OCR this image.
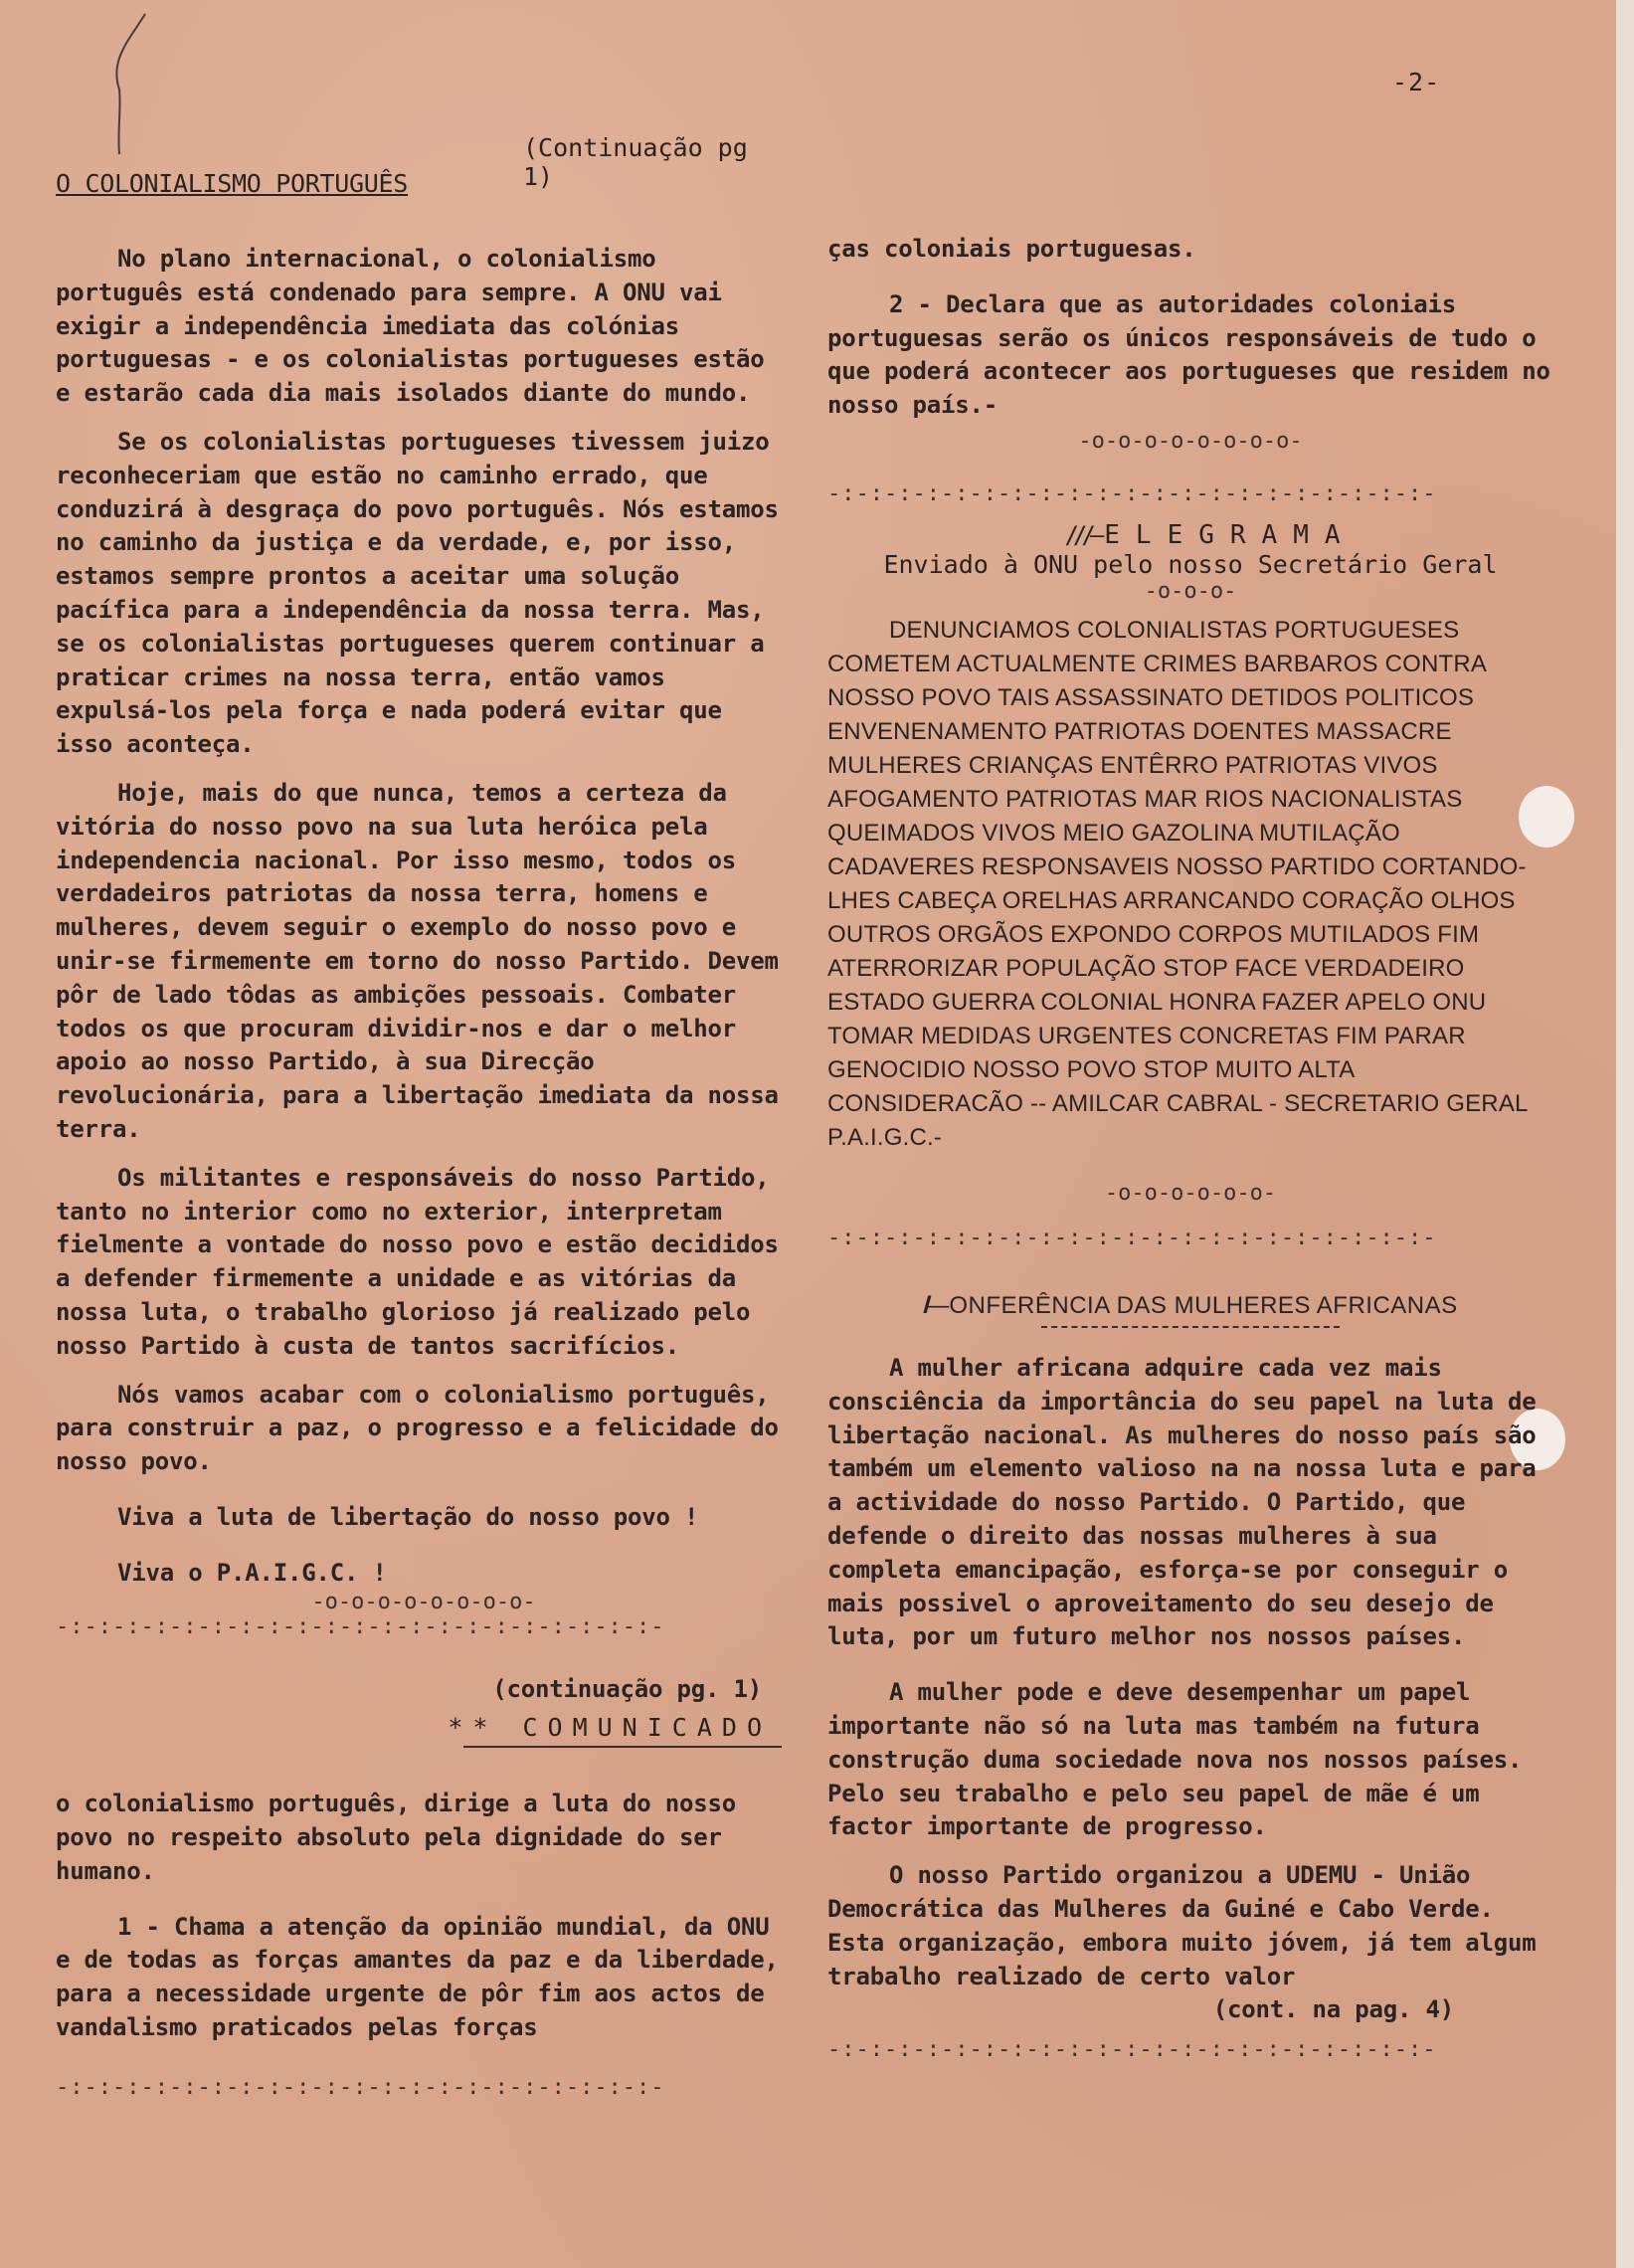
-2-
(Continuação pg 1)
O COLONIALISMO PORTUGUÊS

No plano internacional, o colonialismo português está condenado para sempre. A ONU vai exigir a independência imediata das colónias portuguesas - e os colonialistas portugueses estão e estarão cada dia mais isolados diante do mundo.

Se os colonialistas portugueses tivessem juizo reconheceriam que estão no caminho errado, que conduzirá à desgraça do povo português. Nós estamos no caminho da justiça e da verdade, e, por isso, estamos sempre prontos a aceitar uma solução pacífica para a independência da nossa terra. Mas, se os colonialistas portugueses querem continuar a praticar crimes na nossa terra, então vamos expulsá-los pela força e nada poderá evitar que isso aconteça.

Hoje, mais do que nunca, temos a certeza da vitória do nosso povo na sua luta heróica pela independencia nacional. Por isso mesmo, todos os verdadeiros patriotas da nossa terra, homens e mulheres, devem seguir o exemplo do nosso povo e unir-se firmemente em torno do nosso Partido. Devem pôr de lado tôdas as ambições pessoais. Combater todos os que procuram dividir-nos e dar o melhor apoio ao nosso Partido, à sua Direcção revolucionária, para a libertação imediata da nossa terra.

Os militantes e responsáveis do nosso Partido, tanto no interior como no exterior, interpretam fielmente a vontade do nosso povo e estão decididos a defender firmemente a unidade e as vitórias da nossa luta, o trabalho glorioso já realizado pelo nosso Partido à custa de tantos sacrifícios.

Nós vamos acabar com o colonialismo português, para construir a paz, o progresso e a felicidade do nosso povo.

Viva a luta de libertação do nosso povo !

Viva o P.A.I.G.C. !

-o-o-o-o-o-o-o-o-
-:-:-:-:-:-:-:-:-:-:-:-:-:-:-:-:-:-:-:-:-:-
(continuação pg. 1)
** COMUNICADO

o colonialismo português, dirige a luta do nosso povo no respeito absoluto pela dignidade do ser humano.

1 - Chama a atenção da opinião mundial, da ONU e de todas as forças amantes da paz e da liberdade, para a necessidade urgente de pôr fim aos actos de vandalismo praticados pelas forças

-:-:-:-:-:-:-:-:-:-:-:-:-:-:-:-:-:-:-:-:-:-

ças coloniais portuguesas.

2 - Declara que as autoridades coloniais portuguesas serão os únicos responsáveis de tudo o que poderá acontecer aos portugueses que residem no nosso país.-

-o-o-o-o-o-o-o-o-
-:-:-:-:-:-:-:-:-:-:-:-:-:-:-:-:-:-:-:-:-:-
///— ELEGRAMA
Enviado à ONU pelo nosso Secretário Geral
-o-o-o-

DENUNCIAMOS COLONIALISTAS PORTUGUESES COMETEM ACTUALMENTE CRIMES BARBAROS CONTRA NOSSO POVO TAIS ASSASSINATO DETIDOS POLITICOS ENVENENAMENTO PATRIOTAS DOENTES MASSACRE MULHERES CRIANÇAS ENTÊRRO PATRIOTAS VIVOS AFOGAMENTO PATRIOTAS MAR RIOS NACIONALISTAS QUEIMADOS VIVOS MEIO GAZOLINA MUTILAÇÃO CADAVERES RESPONSAVEIS NOSSO PARTIDO CORTANDO-LHES CABEÇA ORELHAS ARRANCANDO CORAÇÃO OLHOS OUTROS ORGÃOS EXPONDO CORPOS MUTILADOS FIM ATERRORIZAR POPULAÇÃO STOP FACE VERDADEIRO ESTADO GUERRA COLONIAL HONRA FAZER APELO ONU TOMAR MEDIDAS URGENTES CONCRETAS FIM PARAR GENOCIDIO NOSSO POVO STOP MUITO ALTA CONSIDERACÃO -- AMILCAR CABRAL - SECRETARIO GERAL P.A.I.G.C.-

-o-o-o-o-o-o-
-:-:-:-:-:-:-:-:-:-:-:-:-:-:-:-:-:-:-:-:-:-
///— ONFERÊNCIA DAS MULHERES AFRICANAS

A mulher africana adquire cada vez mais consciência da importância do seu papel na luta de libertação nacional. As mulheres do nosso país são também um elemento valioso na na nossa luta e para a actividade do nosso Partido. O Partido, que defende o direito das nossas mulheres à sua completa emancipação, esforça-se por conseguir o mais possivel o aproveitamento do seu desejo de luta, por um futuro melhor nos nossos países.

A mulher pode e deve desempenhar um papel importante não só na luta mas também na futura construção duma sociedade nova nos nossos países. Pelo seu trabalho e pelo seu papel de mãe é um factor importante de progresso.

O nosso Partido organizou a UDEMU - União Democrática das Mulheres da Guiné e Cabo Verde. Esta organização, embora muito jóvem, já tem algum trabalho realizado de certo valor

(cont. na pag. 4)
-:-:-:-:-:-:-:-:-:-:-:-:-:-:-:-:-:-:-:-:-:-
